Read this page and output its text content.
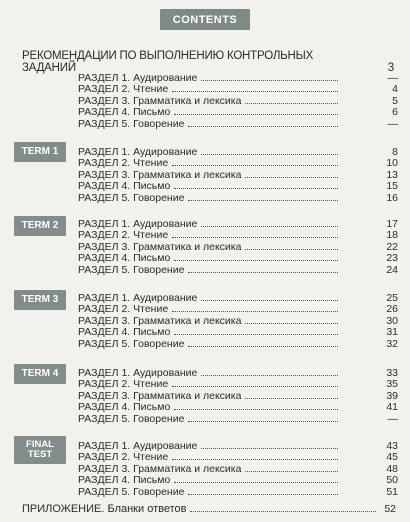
CONTENTS
РЕКОМЕНДАЦИИ ПО ВЫПОЛНЕНИЮ КОНТРОЛЬНЫХ ЗАДАНИЙ	3
РАЗДЕЛ 1. Аудирование	—
РАЗДЕЛ 2. Чтение	4
РАЗДЕЛ 3. Грамматика и лексика	5
РАЗДЕЛ 4. Письмо	6
РАЗДЕЛ 5. Говорение	—
TERM 1	РАЗДЕЛ 1. Аудирование	8
РАЗДЕЛ 2. Чтение	10
РАЗДЕЛ 3. Грамматика и лексика	13
РАЗДЕЛ 4. Письмо	15
РАЗДЕЛ 5. Говорение	16
TERM 2	РАЗДЕЛ 1. Аудирование	17
РАЗДЕЛ 2. Чтение	18
РАЗДЕЛ 3. Грамматика и лексика	22
РАЗДЕЛ 4. Письмо	23
РАЗДЕЛ 5. Говорение	24
TERM 3	РАЗДЕЛ 1. Аудирование	25
РАЗДЕЛ 2. Чтение	26
РАЗДЕЛ 3. Грамматика и лексика	30
РАЗДЕЛ 4. Письмо	31
РАЗДЕЛ 5. Говорение	32
TERM 4	РАЗДЕЛ 1. Аудирование	33
РАЗДЕЛ 2. Чтение	35
РАЗДЕЛ 3. Грамматика и лексика	39
РАЗДЕЛ 4. Письмо	41
РАЗДЕЛ 5. Говорение	—
FINAL TEST
РАЗДЕЛ 1. Аудирование	43
РАЗДЕЛ 2. Чтение	45
РАЗДЕЛ 3. Грамматика и лексика	48
РАЗДЕЛ 4. Письмо	50
РАЗДЕЛ 5. Говорение	51
ПРИЛОЖЕНИЕ. Бланки ответов	52
